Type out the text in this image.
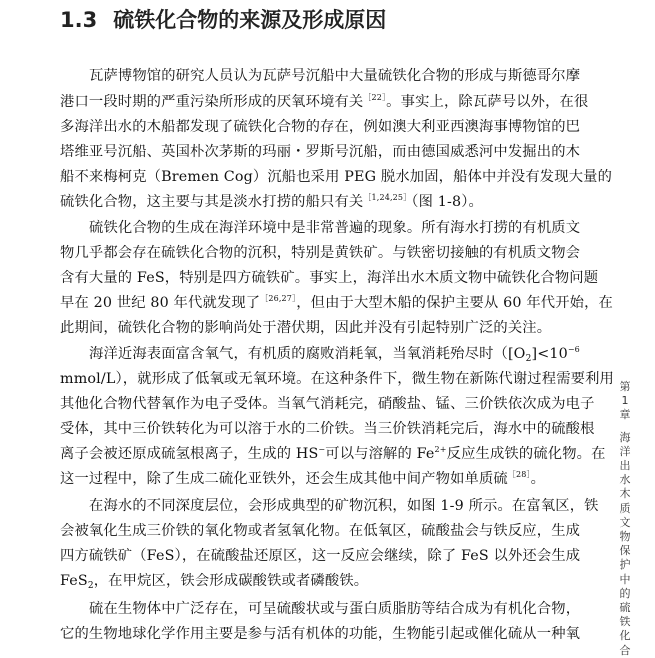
1.3 硫铁化合物的来源及形成原因
瓦萨博物馆的研究人员认为瓦萨号沉船中大量硫铁化合物的形成与斯德哥尔摩
港口一段时期的严重污染所形成的厌氧环境有关$^{[22]}$。事实上，除瓦萨号以外，在很
多海洋出水的木船都发现了硫铁化合物的存在，例如澳大利亚西澳海事博物馆的巴
塔维亚号沉船、英国朴次茅斯的玛丽・罗斯号沉船，而由德国威悉河中发掘出的木
船不来梅柯克（Bremen Cog）沉船也采用 PEG 脱水加固，船体中并没有发现大量的
硫铁化合物，这主要与其是淡水打捞的船只有关$^{[1,24,25]}$（图 1-8）。
硫铁化合物的生成在海洋环境中是非常普遍的现象。所有海水打捞的有机质文
物几乎都会存在硫铁化合物的沉积，特别是黄铁矿。与铁密切接触的有机质文物会
含有大量的 FeS，特别是四方硫铁矿。事实上，海洋出水木质文物中硫铁化合物问题
早在 20 世纪 80 年代就发现了$^{[26,27]}$，但由于大型木船的保护主要从 60 年代开始，在
此期间，硫铁化合物的影响尚处于潜伏期，因此并没有引起特别广泛的关注。
海洋近海表面富含氧气，有机质的腐败消耗氧，当氧消耗殆尽时（$[O_2]<10^{-6}$
mmol/L），就形成了低氧或无氧环境。在这种条件下，微生物在新陈代谢过程需要利用
其他化合物代替氧作为电子受体。当氧气消耗完，硝酸盐、锰、三价铁依次成为电子
受体，其中三价铁转化为可以溶于水的二价铁。当三价铁消耗完后，海水中的硫酸根
离子会被还原成硫氢根离子，生成的 HS−可以与溶解的 $Fe^{2+}$反应生成铁的硫化物。在
这一过程中，除了生成二硫化亚铁外，还会生成其他中间产物如单质硫$^{[28]}$。
在海水的不同深度层位，会形成典型的矿物沉积，如图 1-9 所示。在富氧区，铁
会被氧化生成三价铁的氧化物或者氢氧化物。在低氧区，硫酸盐会与铁反应，生成
四方硫铁矿（FeS），在硫酸盐还原区，这一反应会继续，除了 FeS 以外还会生成
FeS$_2$，在甲烷区，铁会形成碳酸铁或者磷酸铁。
硫在生物体中广泛存在，可呈硫酸状或与蛋白质脂肪等结合成为有机化合物，
它的生物地球化学作用主要是参与活有机体的功能，生物能引起或催化硫从一种氧
第
1
章
海
洋
出
水
木
质
文
物
保
护
中
的
硫
铁
化
合
